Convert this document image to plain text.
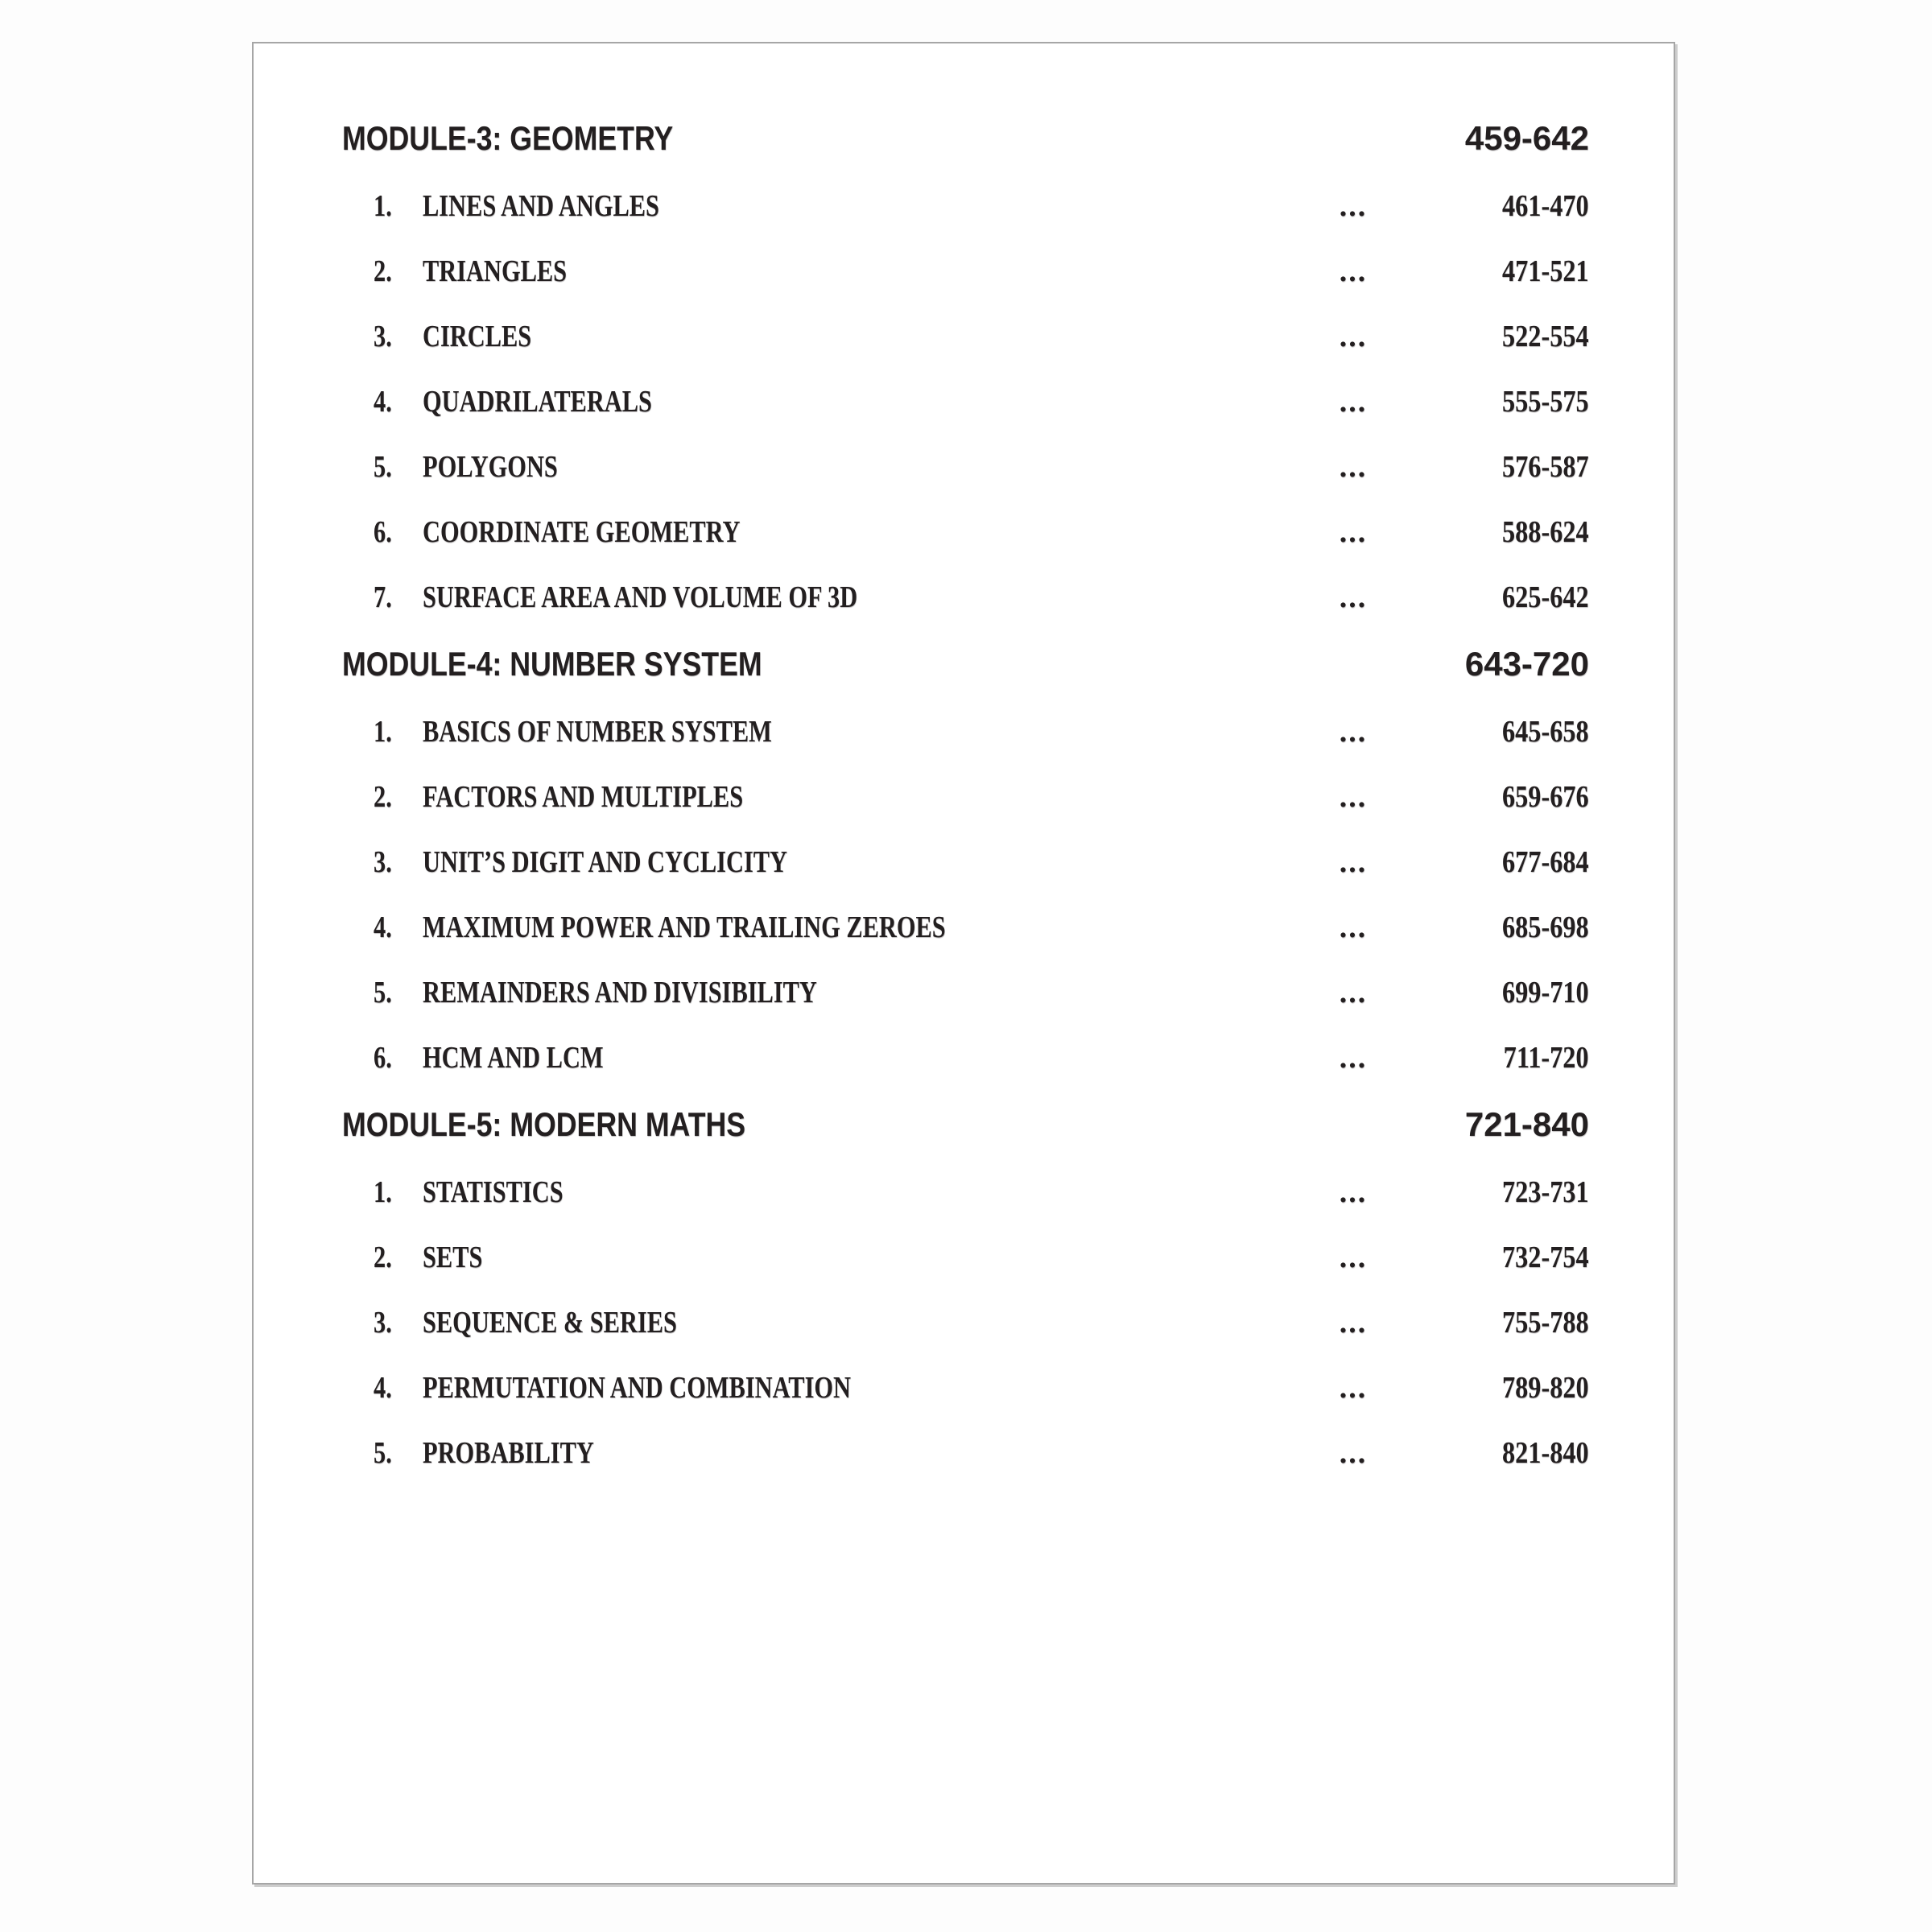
MODULE-3: GEOMETRY	459-642
1.	LINES AND ANGLES	...	461-470
2.	TRIANGLES	...	471-521
3.	CIRCLES	...	522-554
4.	QUADRILATERALS	...	555-575
5.	POLYGONS	...	576-587
6.	COORDINATE GEOMETRY	...	588-624
7.	SURFACE AREA AND VOLUME OF 3D	...	625-642
MODULE-4: NUMBER SYSTEM	643-720
1.	BASICS OF NUMBER SYSTEM	...	645-658
2.	FACTORS AND MULTIPLES	...	659-676
3.	UNIT’S DIGIT AND CYCLICITY	...	677-684
4.	MAXIMUM POWER AND TRAILING ZEROES	...	685-698
5.	REMAINDERS AND DIVISIBILITY	...	699-710
6.	HCM AND LCM	...	711-720
MODULE-5: MODERN MATHS	721-840
1.	STATISTICS	...	723-731
2.	SETS	...	732-754
3.	SEQUENCE & SERIES	...	755-788
4.	PERMUTATION AND COMBINATION	...	789-820
5.	PROBABILITY	...	821-840
